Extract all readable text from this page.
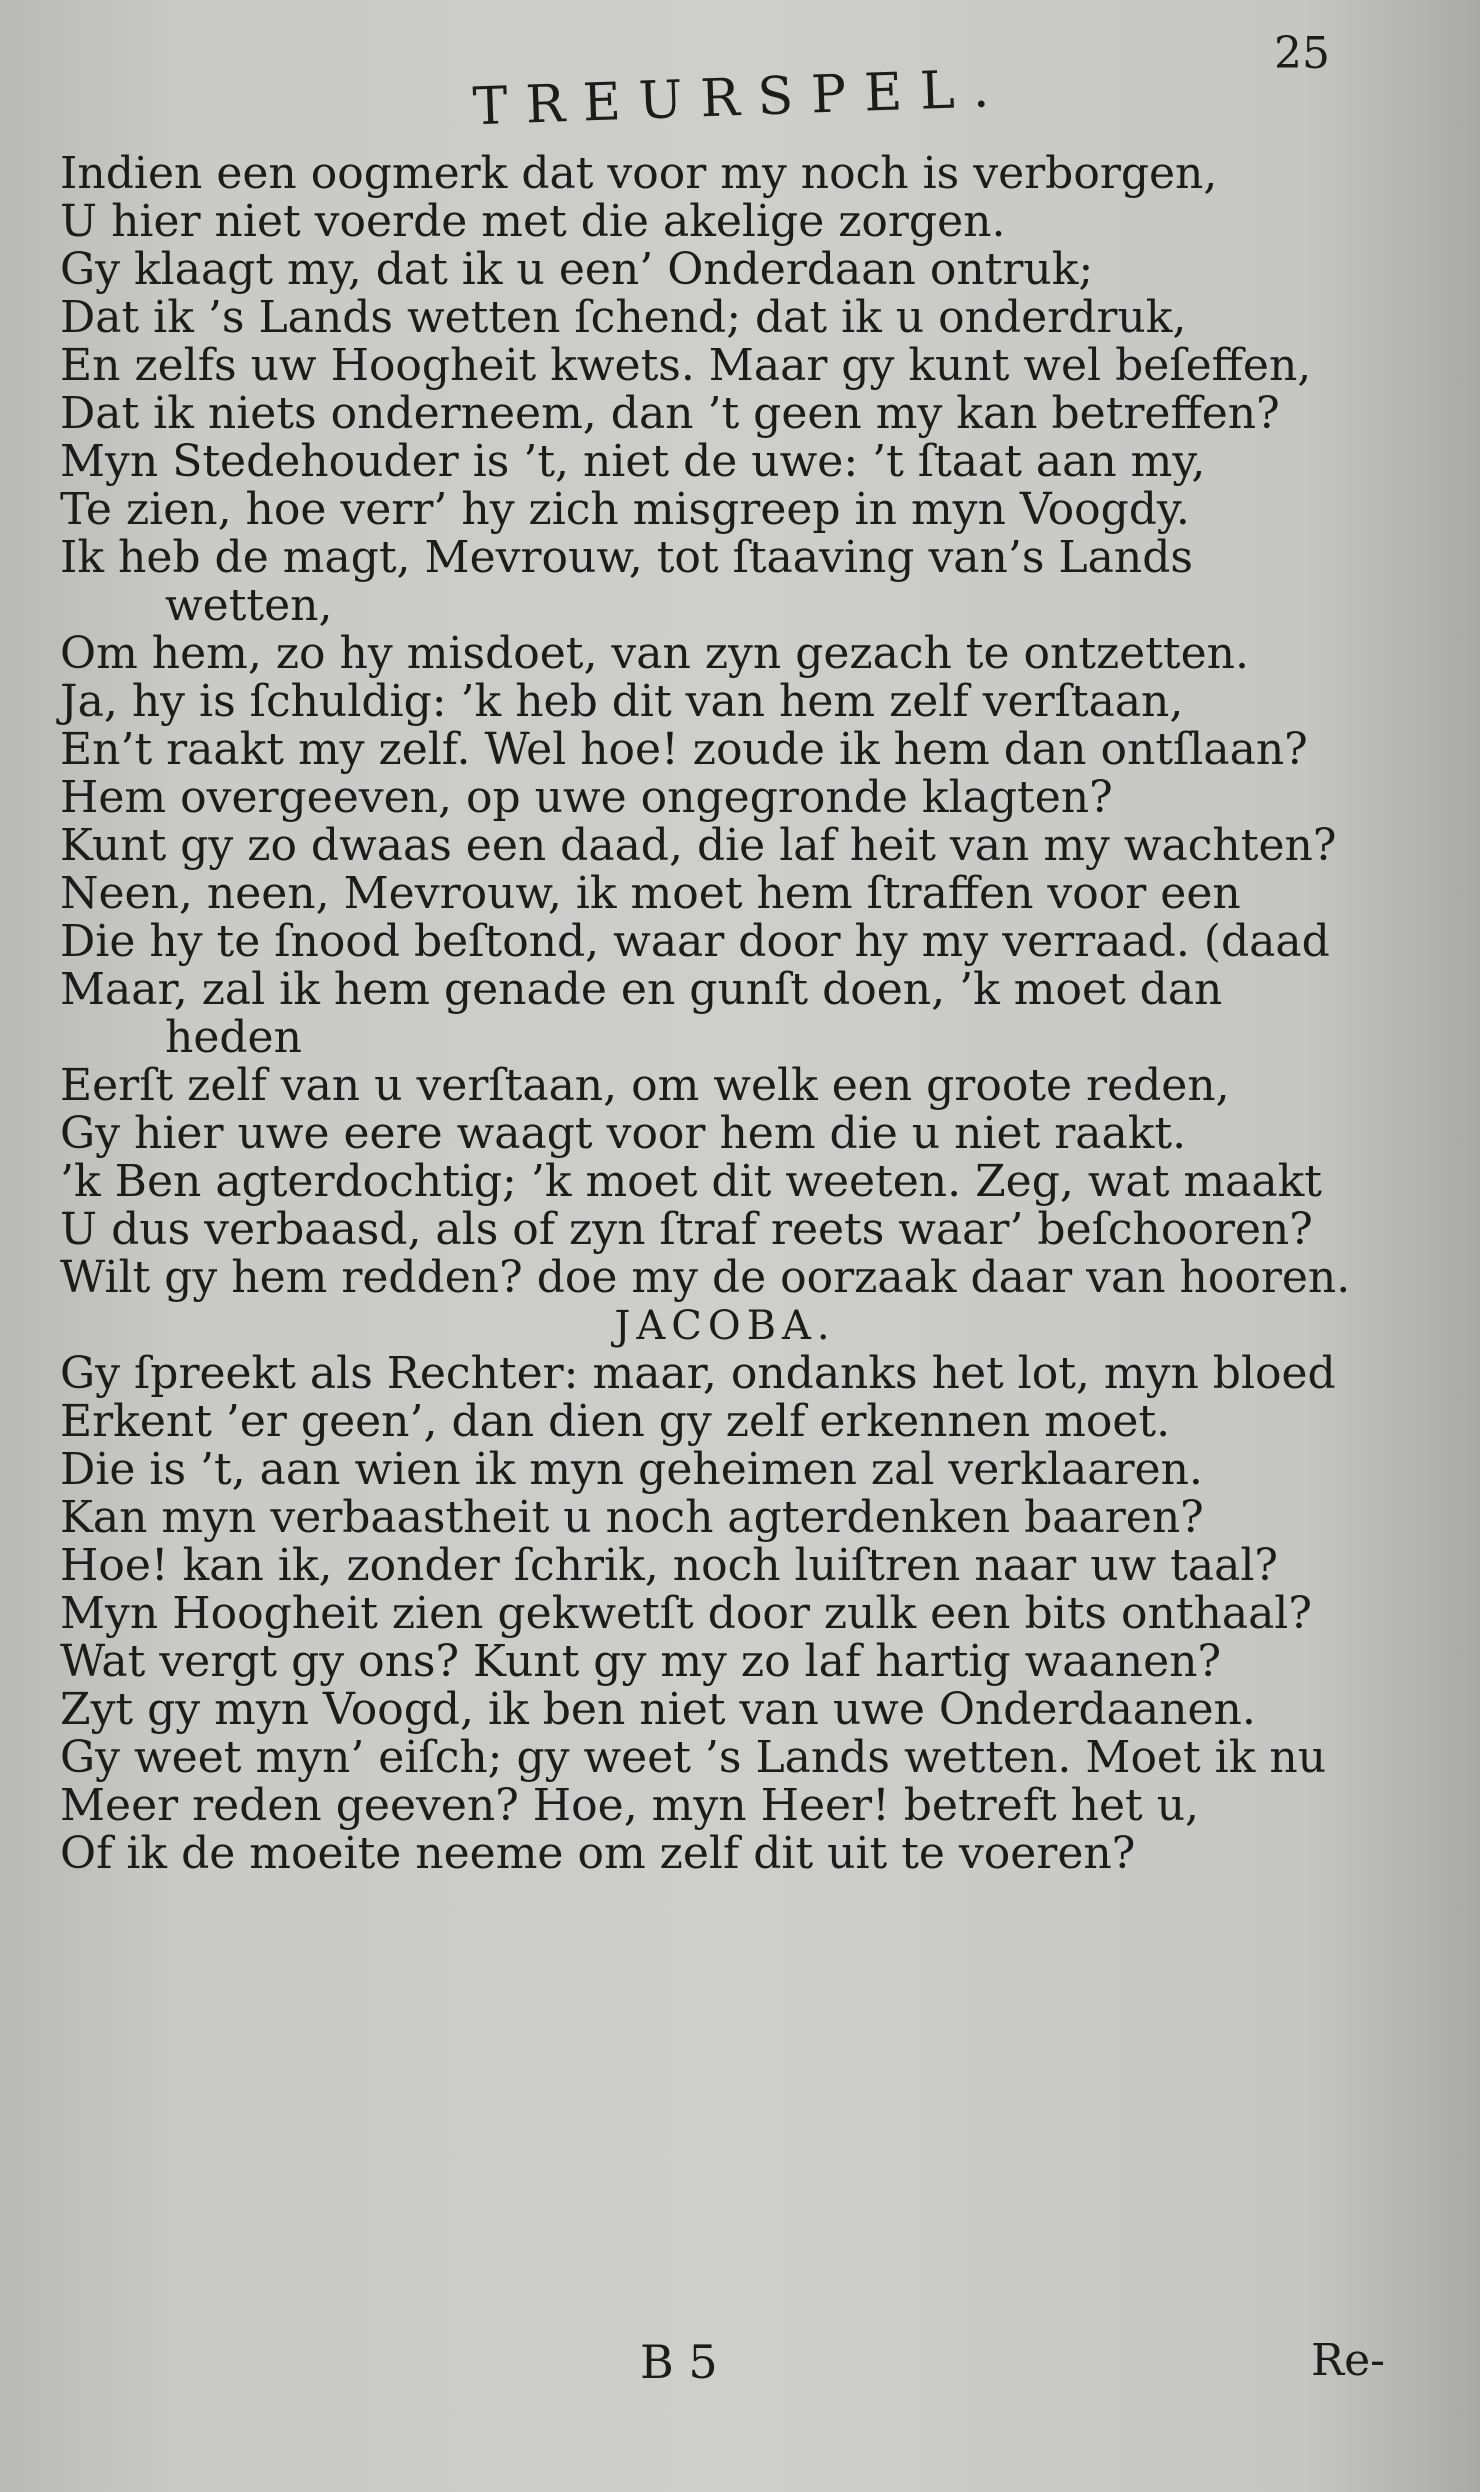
25
TREURSPEL.
Indien een oogmerk dat voor my noch is verborgen,
U hier niet voerde met die akelige zorgen.
Gy klaagt my, dat ik u een’ Onderdaan ontruk;
Dat ik ’s Lands wetten ſchend; dat ik u onderdruk,
En zelfs uw Hoogheit kwets. Maar gy kunt wel beſeffen,
Dat ik niets onderneem, dan ’t geen my kan betreffen?
Myn Stedehouder is ’t, niet de uwe: ’t ſtaat aan my,
Te zien, hoe verr’ hy zich misgreep in myn Voogdy.
Ik heb de magt, Mevrouw, tot ſtaaving van’s Lands
wetten,
Om hem, zo hy misdoet, van zyn gezach te ontzetten.
Ja, hy is ſchuldig: ’k heb dit van hem zelf verſtaan,
En’t raakt my zelf. Wel hoe! zoude ik hem dan ontſlaan?
Hem overgeeven, op uwe ongegronde klagten?
Kunt gy zo dwaas een daad, die laf heit van my wachten?
Neen, neen, Mevrouw, ik moet hem ſtraffen voor een
Die hy te ſnood beſtond, waar door hy my verraad. (daad
Maar, zal ik hem genade en gunſt doen, ’k moet dan
heden
Eerſt zelf van u verſtaan, om welk een groote reden,
Gy hier uwe eere waagt voor hem die u niet raakt.
’k Ben agterdochtig; ’k moet dit weeten. Zeg, wat maakt
U dus verbaasd, als of zyn ſtraf reets waar’ beſchooren?
Wilt gy hem redden? doe my de oorzaak daar van hooren.
JACOBA.
Gy ſpreekt als Rechter: maar, ondanks het lot, myn bloed
Erkent ’er geen’, dan dien gy zelf erkennen moet.
Die is ’t, aan wien ik myn geheimen zal verklaaren.
Kan myn verbaastheit u noch agterdenken baaren?
Hoe! kan ik, zonder ſchrik, noch luiſtren naar uw taal?
Myn Hoogheit zien gekwetſt door zulk een bits onthaal?
Wat vergt gy ons? Kunt gy my zo laf hartig waanen?
Zyt gy myn Voogd, ik ben niet van uwe Onderdaanen.
Gy weet myn’ eiſch; gy weet ’s Lands wetten. Moet ik nu
Meer reden geeven? Hoe, myn Heer! betreft het u,
Of ik de moeite neeme om zelf dit uit te voeren?
B 5	Re-
